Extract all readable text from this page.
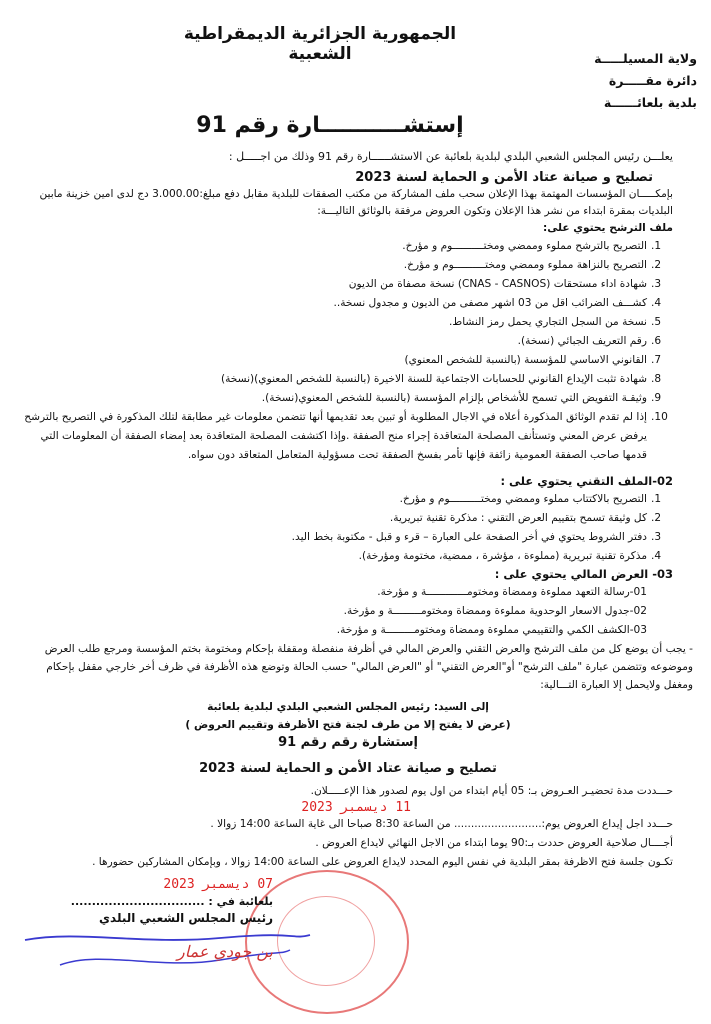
الجمهورية الجزائرية الديمقراطية الشعبية	ولاية المسيلـــــة
دائرة مقـــــرة
بلدية بلعائــــــة
إستشـــــــــــارة رقم 91

يعلـــن رئيس المجلس الشعبي البلدي لبلدية بلعائبة عن الاستشــــــارة رقم 91 وذلك من اجـــــل :

تصليح و صيانة عتاد الأمن و الحماية لسنة 2023

بإمكـــــان المؤسسات المهتمة بهذا الإعلان سحب ملف المشاركة من مكتب الصفقات للبلدية مقابل دفع مبلغ:3.000.00 دج لدى امين خزينة مابين البلديات بمقرة ابتداء من نشر هذا الإعلان وتكون العروض مرفقة بالوثائق التاليـــة:

ملف الترشح يحتوي على:

1.
التصريح بالترشح مملوء وممضي ومختــــــــــوم و مؤرخ.
2.
التصريح بالنزاهة مملوء وممضي ومختــــــــــوم و مؤرخ.
3.
شهادة اداء مستحقات (CNAS - CASNOS) نسخة مصفاة من الديون
4.
كشـــف الضرائب اقل من 03 اشهر مصفى من الديون و مجدول نسخة..
5.
نسخة من السجل التجاري يحمل رمز النشاط.
6.
رقم التعريف الجبائي (نسخة).
7.
القانوني الاساسي للمؤسسة (بالنسبة للشخص المعنوي)
8.
شهادة تثبت الإيداع القانوني للحسابات الاجتماعية للسنة الاخيرة (بالنسبة للشخص المعنوي)(نسخة)
9.
وثيقـة التفويض التي تسمح للأشخاص بإلزام المؤسسة (بالنسبة للشخص المعنوي(نسخة).
10.
إذا لم تقدم الوثائق المذكورة أعلاه في الاجال المطلوبة أو تبين بعد تقديمها أنها تتضمن معلومات غير مطابقة لتلك المذكورة في التصريح بالترشح يرفض عرض المعني وتستأنف المصلحة المتعاقدة إجراء منح الصفقة .وإذا اكتشفت المصلحة المتعاقدة بعد إمضاء الصفقة أن المعلومات التي قدمها صاحب الصفقة العمومية زائفة فإنها تأمر بفسخ الصفقة تحت مسؤولية المتعامل المتعاقد دون سواه.

02-الملف التقني يحتوي على :

1.
التصريح بالاكتتاب مملوء وممضي ومختــــــــــوم و مؤرخ.
2.
كل وثيقة تسمح بتقييم العرض التقني : مذكرة تقنية تبريرية.
3.
دفتر الشروط يحتوي في أخر الصفحة على العبارة – قرء و قبل - مكتوبة بخط اليد.
4.
مذكرة تقنية تبريرية (مملوءة ، مؤشرة ، ممضية، مختومة ومؤرخة).

03- العرض المالي يحتوي على :

01-رسالة التعهد مملوءة وممضاة ومختومـــــــــــــة و مؤرخة.
02-جدول الاسعار الوحدوية مملوءة وممضاة ومختومـــــــــة و مؤرخة.
03-الكشف الكمي والتقييمي مملوءة وممضاة ومختومـــــــــة و مؤرخة.

- يجب أن يوضع كل من ملف الترشح والعرض التقني والعرض المالي في أظرفة منفصلة ومقفلة بإحكام ومختومة بختم المؤسسة ومرجع طلب العرض وموضوعه وتتضمن عبارة "ملف الترشح" أو"العرض التقني" أو "العرض المالي" حسب الحالة وتوضع هذه الأظرفة في ظرف أخر خارجي مقفل بإحكام ومغفل ولايحمل إلا العبارة التـــالية:

إلى السيد: رئيس المجلس الشعبي البلدي لبلدية بلعائبة
(عرض لا يفتح إلا من طرف لجنة فتح الأظرفة وتقييم العروض )
إستشارة رقم رقم 91
تصليح و صيانة عتاد الأمن و الحماية لسنة 2023
حـــددت مدة تحضيـر العـروض بـ: 05 أيام ابتداء من اول يوم لصدور هذا الإعـــــلان.
11 ديسمبر 2023
حـــدد اجل إيداع العروض يوم:.......................... من الساعة 8:30 صباحا الى غاية الساعة 14:00 زوالا .
أجــــال صلاحية العروض حددت بـ:90 يوما ابتداء من الاجل النهائي لايداع العروض .
تكـون جلسة فتح الاظرفة بمقر البلدية في نفس اليوم المحدد لايداع العروض على الساعة 14:00 زوالا ، وبإمكان المشاركين حضورها .
07 ديسمبر 2023
بلعائبة في : ................................
رئيس المجلس الشعبي البلدي
بن جودي عمار
